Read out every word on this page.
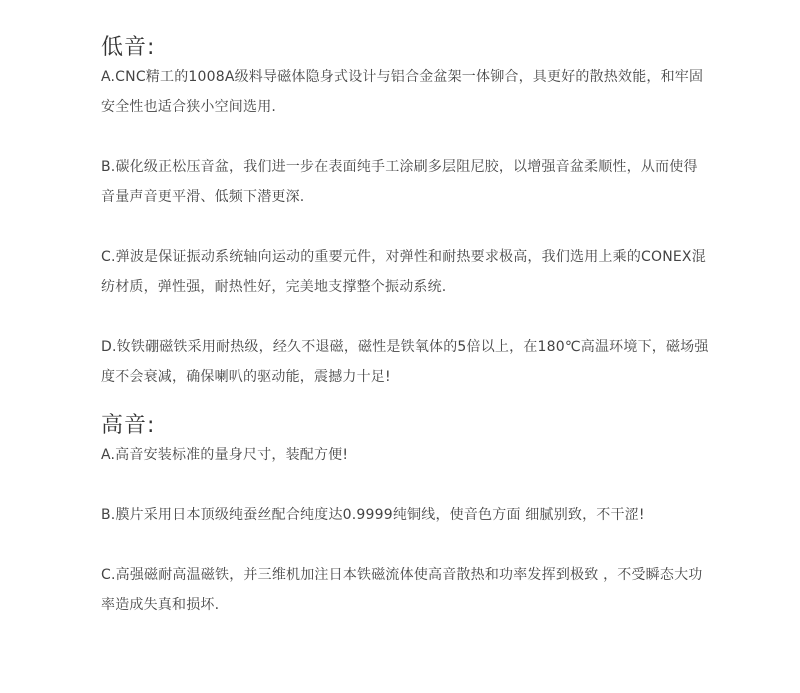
低音:

A.CNC精工的1008A级料导磁体隐身式设计与铝合金盆架一体铆合，具更好的散热效能，和牢固安全性也适合狭小空间选用.

B.碳化级正松压音盆，我们进一步在表面纯手工涂刷多层阻尼胶，以增强音盆柔顺性，从而使得音量声音更平滑、低频下潜更深.

C.弹波是保证振动系统轴向运动的重要元件，对弹性和耐热要求极高，我们选用上乘的CONEX混纺材质，弹性强，耐热性好，完美地支撑整个振动系统.

D.钕铁硼磁铁采用耐热级，经久不退磁，磁性是铁氧体的5倍以上，在180℃高温环境下，磁场强度不会衰减，确保喇叭的驱动能，震撼力十足!

高音:

A.高音安装标准的量身尺寸，装配方便!

B.膜片采用日本顶级纯蚕丝配合纯度达0.9999纯铜线，使音色方面 细腻别致，不干涩!

C.高强磁耐高温磁铁，并三维机加注日本铁磁流体使高音散热和功率发挥到极致 ，不受瞬态大功率造成失真和损坏.
